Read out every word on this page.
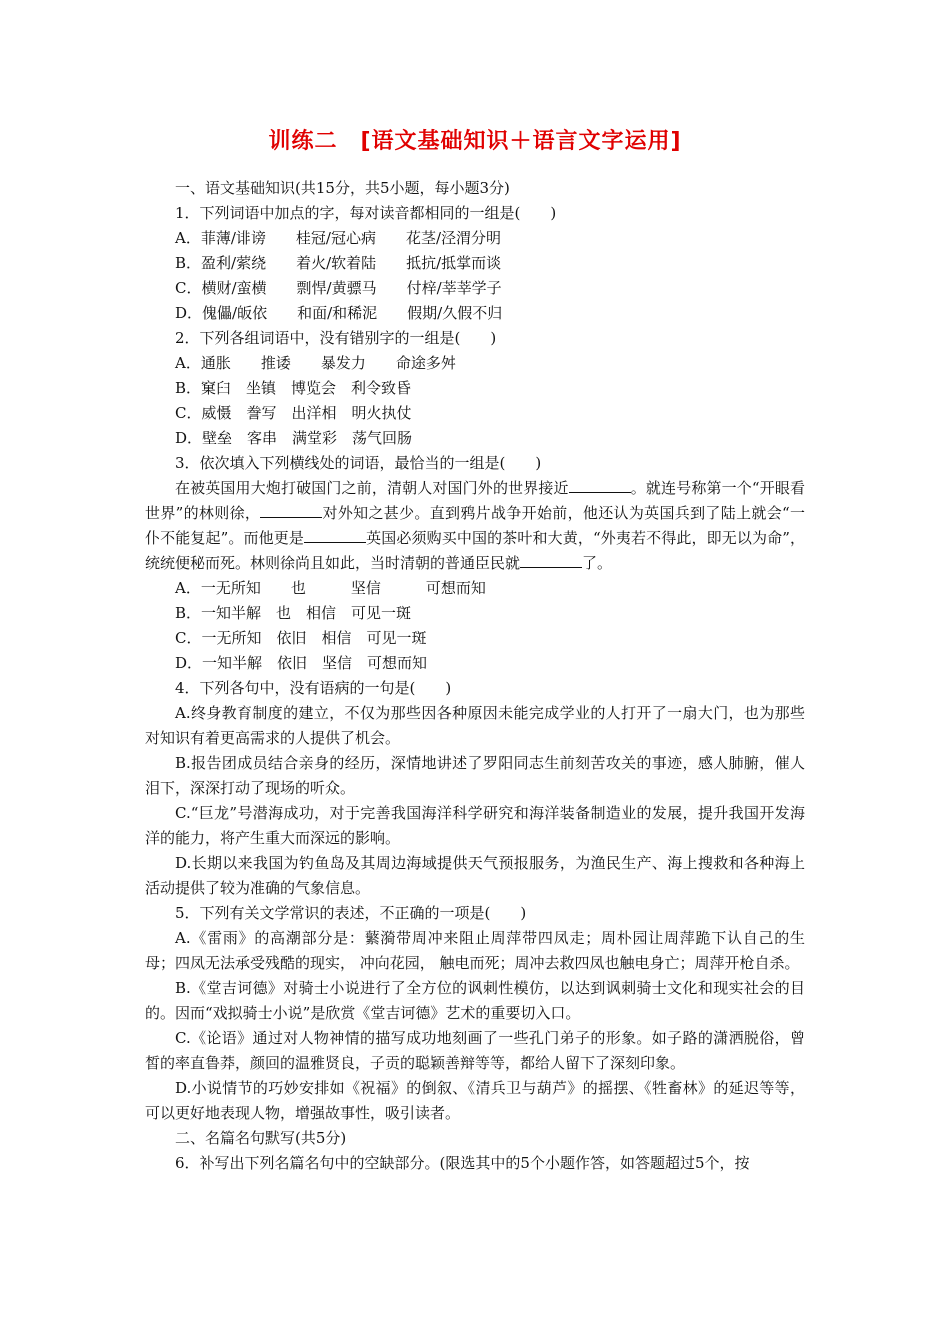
训练二　[语文基础知识＋语言文字运用]

一、语文基础知识(共15分，共5小题，每小题3分)

1．下列词语中加点的字，每对读音都相同的一组是(　　)

A．菲薄/诽谤　　桂冠/冠心病　　花茎/泾渭分明

B．盈利/萦绕　　着火/软着陆　　抵抗/抵掌而谈

C．横财/蛮横　　剽悍/黄骠马　　付梓/莘莘学子

D．傀儡/皈依　　和面/和稀泥　　假期/久假不归

2．下列各组词语中，没有错别字的一组是(　　)

A．通胀　　推诿　　暴发力　　命途多舛

B．窠臼　坐镇　博览会　利令致昏

C．威慑　誊写　出洋相　明火执仗

D．壁垒　客串　满堂彩　荡气回肠

3．依次填入下列横线处的词语，最恰当的一组是(　　)

在被英国用大炮打破国门之前，清朝人对国门外的世界接近	。就连号称第一个“开眼看世界”的林则徐，	对外知之甚少。直到鸦片战争开始前，他还认为英国兵到了陆上就会“一仆不能复起”。而他更是	英国必须购买中国的茶叶和大黄，“外夷若不得此，即无以为命”，统统便秘而死。林则徐尚且如此，当时清朝的普通臣民就	了。

A．一无所知　　也　　　坚信　　　可想而知

B．一知半解　也　相信　可见一斑

C．一无所知　依旧　相信　可见一斑

D．一知半解　依旧　坚信　可想而知

4．下列各句中，没有语病的一句是(　　)

A.终身教育制度的建立，不仅为那些因各种原因未能完成学业的人打开了一扇大门，也为那些对知识有着更高需求的人提供了机会。

B.报告团成员结合亲身的经历，深情地讲述了罗阳同志生前刻苦攻关的事迹，感人肺腑，催人泪下，深深打动了现场的听众。

C.“巨龙”号潜海成功，对于完善我国海洋科学研究和海洋装备制造业的发展，提升我国开发海洋的能力，将产生重大而深远的影响。

D.长期以来我国为钓鱼岛及其周边海域提供天气预报服务，为渔民生产、海上搜救和各种海上活动提供了较为准确的气象信息。

5．下列有关文学常识的表述，不正确的一项是(　　)

A.《雷雨》的高潮部分是：蘩漪带周冲来阻止周萍带四凤走；周朴园让周萍跪下认自己的生母；四凤无法承受残酷的现实， 冲向花园， 触电而死；周冲去救四凤也触电身亡；周萍开枪自杀。

B.《堂吉诃德》对骑士小说进行了全方位的讽刺性模仿，以达到讽刺骑士文化和现实社会的目的。因而“戏拟骑士小说”是欣赏《堂吉诃德》艺术的重要切入口。

C.《论语》通过对人物神情的描写成功地刻画了一些孔门弟子的形象。如子路的潇洒脱俗，曾皙的率直鲁莽，颜回的温雅贤良，子贡的聪颖善辩等等，都给人留下了深刻印象。

D.小说情节的巧妙安排如《祝福》的倒叙、《清兵卫与葫芦》的摇摆、《牲畜林》的延迟等等，可以更好地表现人物，增强故事性，吸引读者。

二、名篇名句默写(共5分)

6．补写出下列名篇名句中的空缺部分。(限选其中的5个小题作答，如答题超过5个，按
